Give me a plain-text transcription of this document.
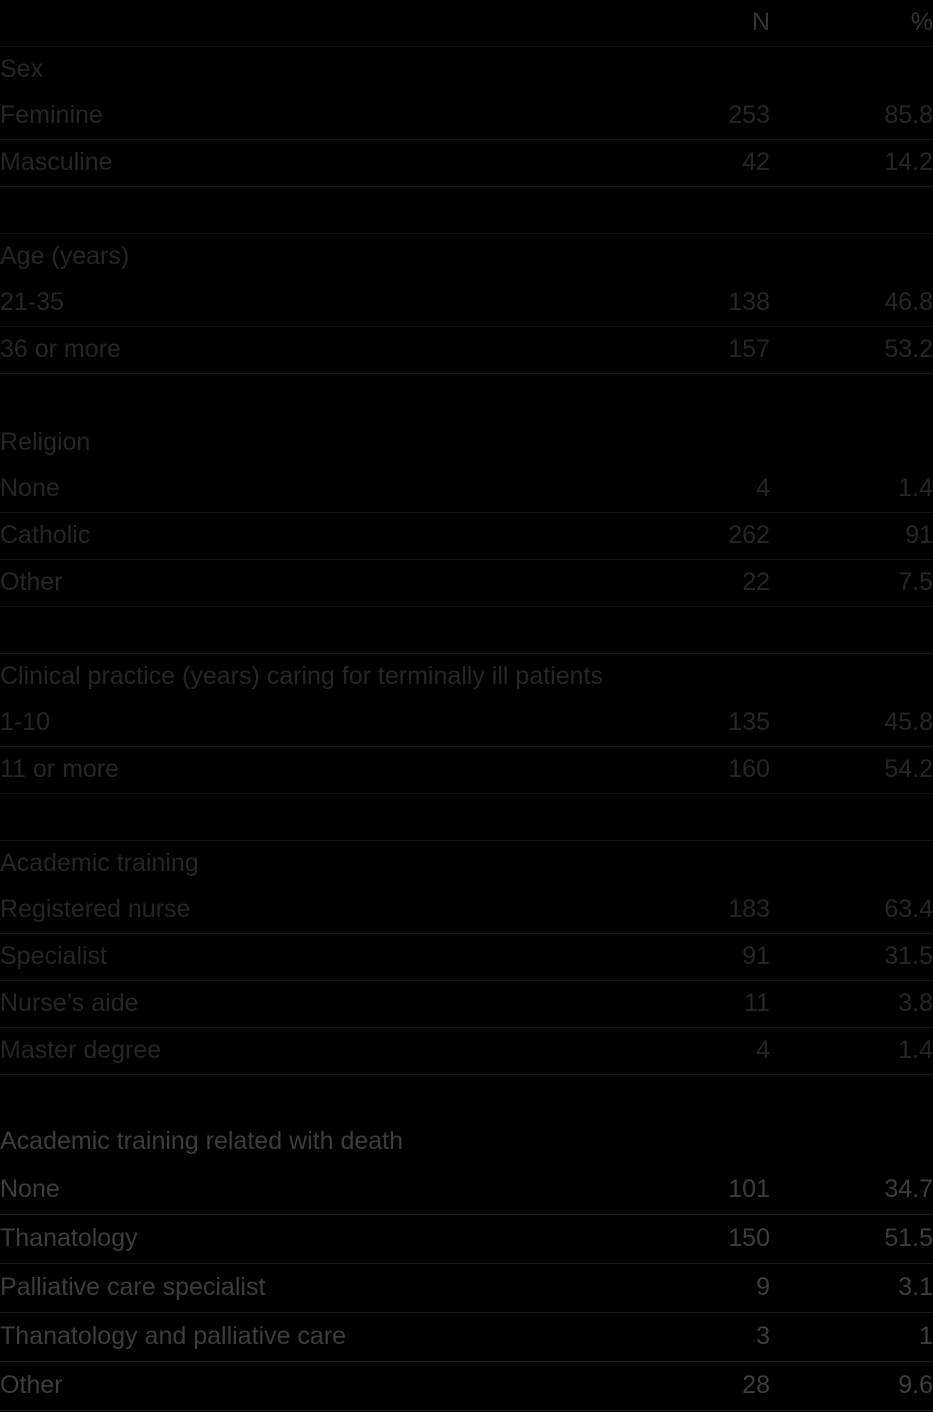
	N	%
Sex		
Feminine	253	85.8
Masculine	42	14.2

Age (years)		
21-35	138	46.8
36 or more	157	53.2
Religion		
None	4	1.4
Catholic	262	91
Other	22	7.5

Clinical practice (years) caring for terminally ill patients		
1-10	135	45.8
11 or more	160	54.2

Academic training		
Registered nurse	183	63.4
Specialist	91	31.5
Nurse’s aide	11	3.8
Master degree	4	1.4
Academic training related with death		
None	101	34.7
Thanatology	150	51.5
Palliative care specialist	9	3.1
Thanatology and palliative care	3	1
Other	28	9.6
